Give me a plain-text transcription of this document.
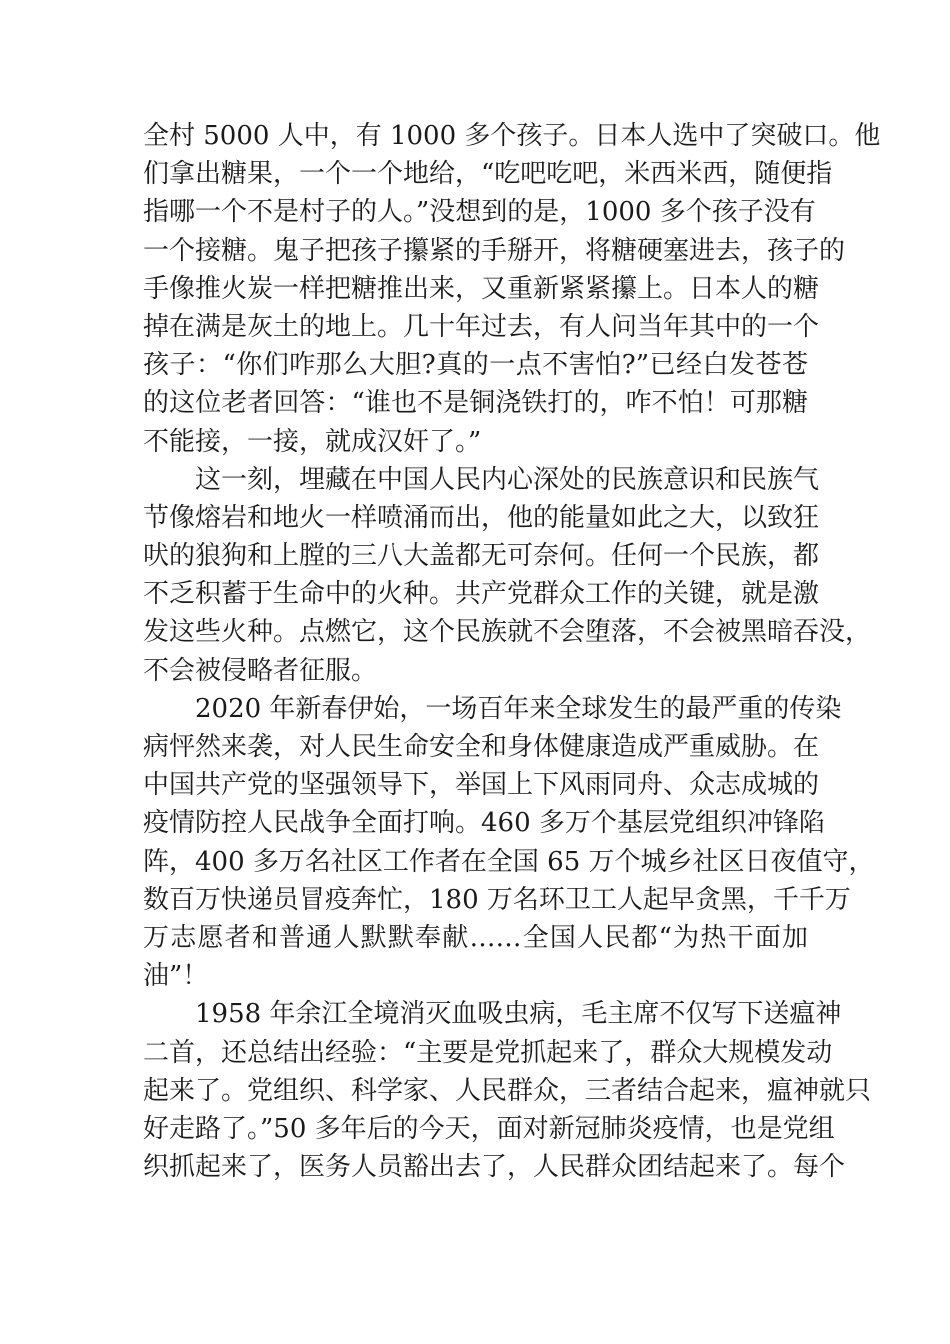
全村 5000 人中，有 1000 多个孩子。日本人选中了突破口。他
们拿出糖果，一个一个地给，“吃吧吃吧，米西米西，随便指
指哪一个不是村子的人。”没想到的是，1000 多个孩子没有
一个接糖。鬼子把孩子攥紧的手掰开，将糖硬塞进去，孩子的
手像推火炭一样把糖推出来，又重新紧紧攥上。日本人的糖
掉在满是灰土的地上。几十年过去，有人问当年其中的一个
孩子：“你们咋那么大胆?真的一点不害怕?”已经白发苍苍
的这位老者回答：“谁也不是铜浇铁打的，咋不怕！可那糖
不能接，一接，就成汉奸了。”
这一刻，埋藏在中国人民内心深处的民族意识和民族气
节像熔岩和地火一样喷涌而出，他的能量如此之大，以致狂
吠的狼狗和上膛的三八大盖都无可奈何。任何一个民族，都
不乏积蓄于生命中的火种。共产党群众工作的关键，就是激
发这些火种。点燃它，这个民族就不会堕落，不会被黑暗吞没，
不会被侵略者征服。
2020 年新春伊始，一场百年来全球发生的最严重的传染
病怦然来袭，对人民生命安全和身体健康造成严重威胁。在
中国共产党的坚强领导下，举国上下风雨同舟、众志成城的
疫情防控人民战争全面打响。460 多万个基层党组织冲锋陷
阵，400 多万名社区工作者在全国 65 万个城乡社区日夜值守，
数百万快递员冒疫奔忙，180 万名环卫工人起早贪黑，千千万
万志愿者和普通人默默奉献……全国人民都“为热干面加
油”！
1958 年余江全境消灭血吸虫病，毛主席不仅写下送瘟神
二首，还总结出经验：“主要是党抓起来了，群众大规模发动
起来了。党组织、科学家、人民群众，三者结合起来，瘟神就只
好走路了。”50 多年后的今天，面对新冠肺炎疫情，也是党组
织抓起来了，医务人员豁出去了，人民群众团结起来了。每个
